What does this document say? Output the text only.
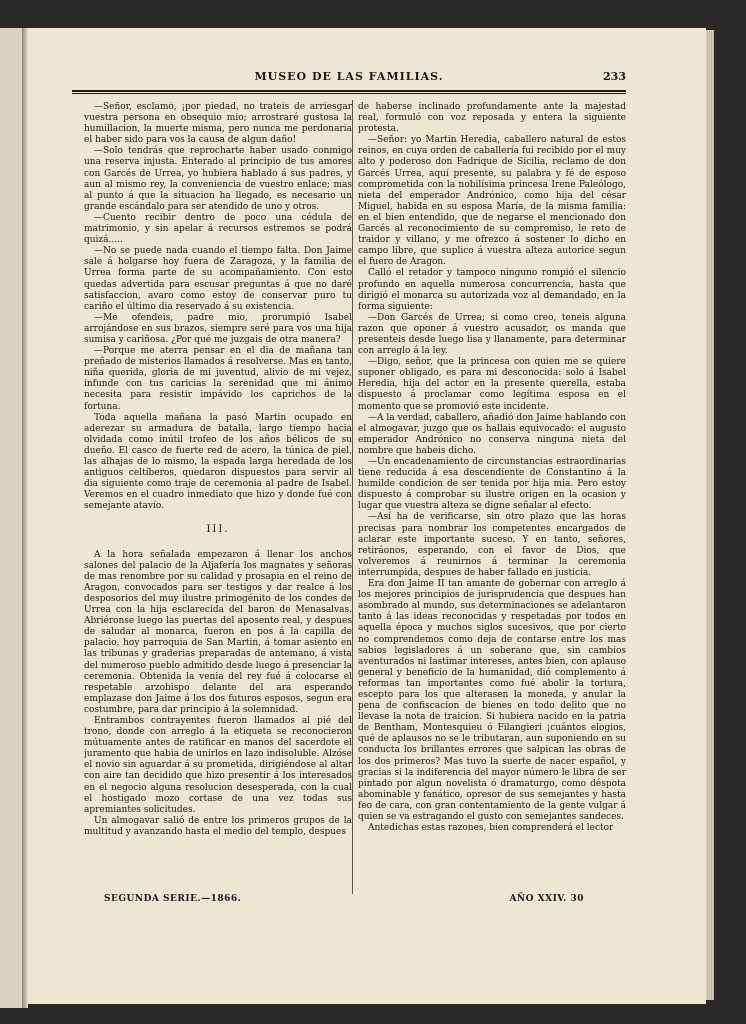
MUSEO DE LAS FAMILIAS.	233

—Señor, esclamó, ¡por piedad, no trateis de arriesgar vuestra persona en obsequio mio; arrostraré gustosa la humillacion, la muerte misma, pero nunca me perdonaria el haber sido para vos la causa de algun daño!

—Solo tendrás que reprocharte haber usado conmigo una reserva injusta. Enterado al principio de tus amores con Garcés de Urrea, yo hubiera hablado á sus padres, y aun al mismo rey, la conveniencia de vuestro enlace; mas al punto á que la situacion ha llegado, es necesario un grande escándalo para ser atendido de uno y otros.

—Cuento recibir dentro de poco una cédula de matrimonio, y sin apelar á recursos estremos se podrá quizá.....

—No se puede nada cuando el tiempo falta. Don Jaime sale á holgarse hoy fuera de Zaragoza, y la familia de Urrea forma parte de su acompañamiento. Con esto quedas advertida para escusar preguntas á que no daré satisfaccion, avaro como estoy de conservar puro tu cariño el último dia reservado á su existencia.

—Me ofendeis, padre mio, prorumpió Isabel arrojándose en sus brazos, siempre seré para vos una hija sumisa y cariñosa. ¿Por qué me juzgais de otra manera?

—Porque me aterra pensar en el dia de mañana tan preñado de misterios llamados á resolverse. Mas en tanto, niña querida, gloria de mi juventud, alivio de mi vejez, infunde con tus caricias la serenidad que mi ánimo necesita para resistir impávido los caprichos de la fortuna.

Toda aquella mañana la pasó Martin ocupado en aderezar su armadura de batalla, largo tiempo hacia olvidada como inútil trofeo de los años bélicos de su dueño. El casco de fuerte red de acero, la túnica de piel, las alhajas de lo mismo, la espada larga heredada de los antiguos celtíberos, quedaron dispuestos para servir al dia siguiente como traje de ceremonia al padre de Isabel. Veremos en el cuadro inmediato que hizo y donde fué con semejante atavío.

III.

A la hora señalada empezaron á llenar los anchos salones del palacio de la Aljafería los magnates y señoras de mas renombre por su calidad y prosapia en el reino de Aragon, convocados para ser testigos y dar realce á los desposorios del muy ilustre primogénito de los condes de Urrea con la hija esclarecida del baron de Menasalvas. Abriéronse luego las puertas del aposento real, y despues de saludar al monarca, fueron en pos á la capilla de palacio, hoy parroquia de San Martin, á tomar asiento en las tribunas y graderias preparadas de antemano, á vista del numeroso pueblo admitido desde luego á presenciar la ceremonia. Obtenida la venia del rey fué á colocarse el respetable arzobispo delante del ara esperando emplazase don Jaime á los dos futuros esposos, segun era costumbre, para dar principio á la solemnidad.

Entrambos contrayentes fueron llamados al pié del trono, donde con arreglo á la etiqueta se reconocieron mútuamente antes de ratificar en manos del sacerdote el juramento que habia de unirlos en lazo indisoluble. Alzóse el novio sin aguardar á su prometida, dirigiéndose al altar con aire tan decidido que hizo presentir á los interesados en el negocio alguna resolucion desesperada, con la cual el hostigado mozo cortase de una vez todas sus apremiantes solicitudes.

Un almogavar salió de entre los primeros grupos de la multitud y avanzando hasta el medio del templo, despues

de haberse inclinado profundamente ante la majestad real, formuló con voz reposada y entera la siguiente protesta.

—Señor: yo Martin Heredia, caballero natural de estos reinos, en cuya orden de caballería fui recibido por el muy alto y poderoso don Fadrique de Sicilia, reclamo de don Garcés Urrea, aquí presente, su palabra y fé de esposo comprometida con la nobilísima princesa Irene Paleólogo, nieta del emperador Andrónico, como hija del césar Miguel, habida en su esposa María, de la misma familia: en el bien entendido, que de negarse el mencionado don Garcés al reconocimiento de su compromiso, le reto de traidor y villano, y me ofrezco á sostener lo dicho en campo libre, que suplico á vuestra alteza autorice segun el fuero de Aragon.

Calló el retador y tampoco ninguno rompió el silencio profundo en aquella numerosa concurrencia, hasta que dirigió el monarca su autorizada voz al demandado, en la forma siguiente:

—Don Garcés de Urrea; si como creo, teneis alguna razon que oponer á vuestro acusador, os manda que presenteis desde luego lisa y llanamente, para determinar con arreglo á la ley.

—Digo, señor, que la princesa con quien me se quiere suponer obligado, es para mi desconocida: solo á Isabel Heredia, hija del actor en la presente querella, estaba dispuesto á proclamar como legítima esposa en el momento que se promovió este incidente.

—A la verdad, caballero, añadió don Jaime hablando con el almogavar, juzgo que os hallais equivocado: el augusto emperador Andrónico no conserva ninguna nieta del nombre que habeis dicho.

—Un encadenamiento de circunstancias estraordinarias tiene reducida á esa descendiente de Constantino á la humilde condicion de ser tenida por hija mia. Pero estoy dispuesto á comprobar su ilustre origen en la ocasion y lugar que vuestra alteza se digne señalar al efecto.

—Así ha de verificarse, sin otro plazo que las horas precisas para nombrar los competentes encargados de aclarar este importante suceso. Y en tanto, señores, retiráonos, esperando, con el favor de Dios, que volveremos á reunirnos á terminar la ceremonia interrumpida, despues de haber fallado en justicia.

Era don Jaime II tan amante de gobernar con arreglo á los mejores principios de jurisprudencia que despues han asombrado al mundo, sus determinaciones se adelantaron tanto á las ideas reconocidas y respetadas por todos en aquella época y muchos siglos sucesivos, que por cierto no comprendemos como deja de contarse entre los mas sabios legisladores á un soberano que, sin cambios aventurados ni lastimar intereses, antes bien, con aplauso general y beneficio de la humanidad, dió complemento á reformas tan importantes como fué abolir la tortura, escepto para los que alterasen la moneda, y anular la pena de confiscacion de bienes en todo delito que no llevase la nota de traicion. Si hubiera nacido en la patria de Bentham, Montesquieu ó Filangieri ¡cuántos elogios, qué de aplausos no se le tributaran, aun suponiendo en su conducta los brillantes errores que salpican las obras de los dos primeros? Mas tuvo la suerte de nacer español, y gracias si la indiferencia del mayor número le libra de ser pintado por algun novelista ó dramaturgo, como déspota abominable y fanático, opresor de sus semejantes y hasta feo de cara, con gran contentamiento de la gente vulgar á quien se va estragando el gusto con semejantes sandeces.

Antedichas estas razones, bien comprenderá el lector

SEGUNDA SERIE.—1866.	AÑO XXIV. 30
